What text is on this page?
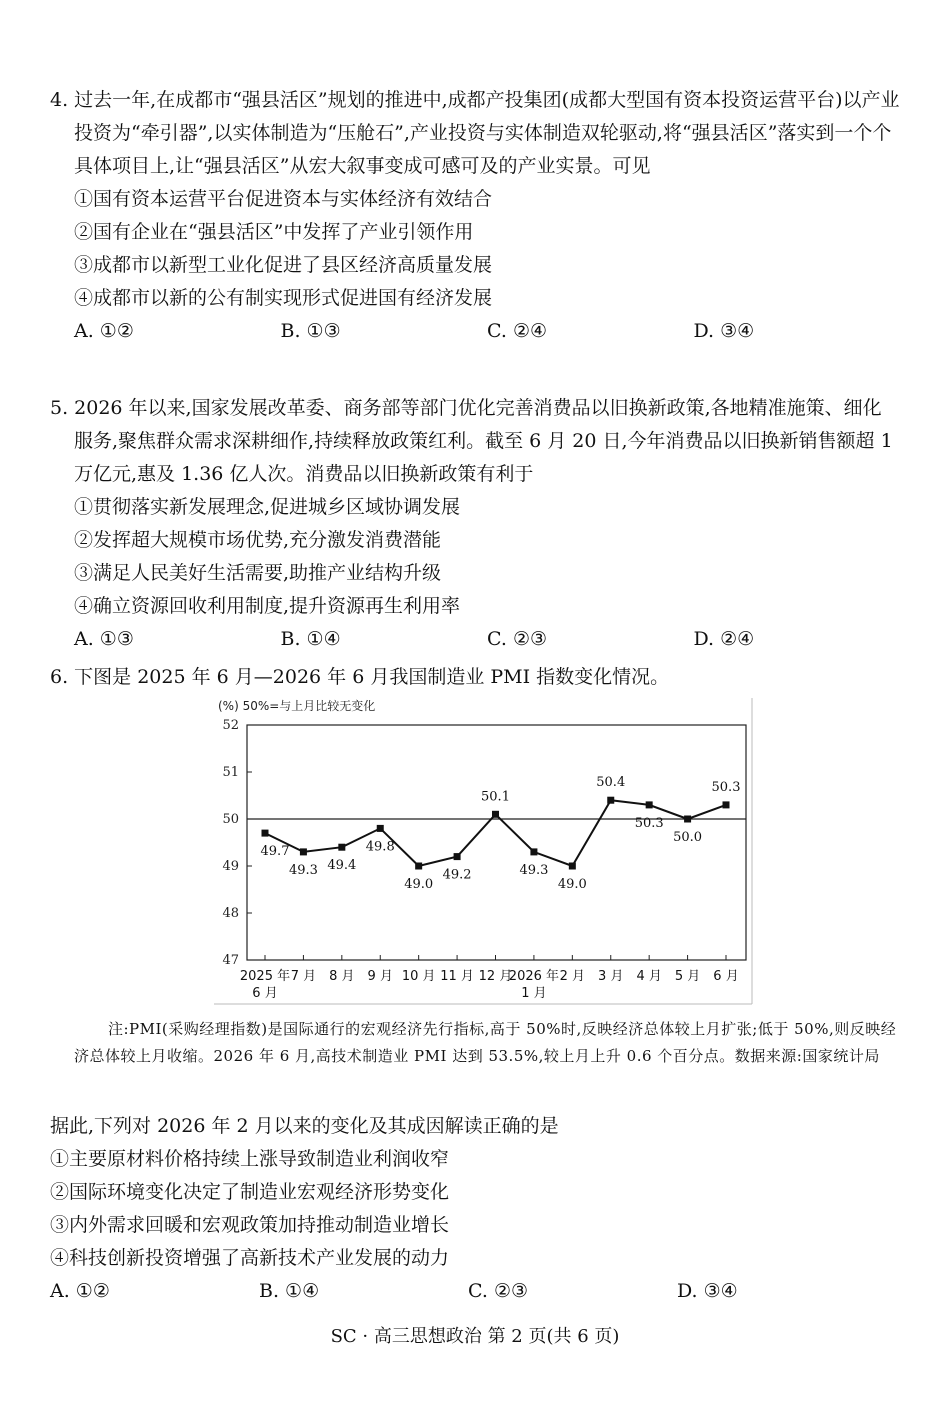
4. 过去一年,在成都市“强县活区”规划的推进中,成都产投集团(成都大型国有资本投资运营平台)以产业投资为“牵引器”,以实体制造为“压舱石”,产业投资与实体制造双轮驱动,将“强县活区”落实到一个个具体项目上,让“强县活区”从宏大叙事变成可感可及的产业实景。可见

①国有资本运营平台促进资本与实体经济有效结合

②国有企业在“强县活区”中发挥了产业引领作用

③成都市以新型工业化促进了县区经济高质量发展

④成都市以新的公有制实现形式促进国有经济发展

A. ①②	B. ①③	C. ②④	D. ③④

5. 2026 年以来,国家发展改革委、商务部等部门优化完善消费品以旧换新政策,各地精准施策、细化服务,聚焦群众需求深耕细作,持续释放政策红利。截至 6 月 20 日,今年消费品以旧换新销售额超 1 万亿元,惠及 1.36 亿人次。消费品以旧换新政策有利于

①贯彻落实新发展理念,促进城乡区域协调发展

②发挥超大规模市场优势,充分激发消费潜能

③满足人民美好生活需要,助推产业结构升级

④确立资源回收利用制度,提升资源再生利用率

A. ①③	B. ①④	C. ②③	D. ②④

6. 下图是 2025 年 6 月—2026 年 6 月我国制造业 PMI 指数变化情况。

(%) 50%=与上月比较无变化
52
51
50
49
48
47
49.7
49.3 49.4
49.8
49.0
49.2
50.1
49.3
49.0
50.4
50.3
50.0
50.3
2025 年
6 月
7 月 8 月 9 月 10 月 11 月 12 月
2026 年
1 月
2 月 3 月 4 月 5 月 6 月

注:PMI(采购经理指数)是国际通行的宏观经济先行指标,高于 50%时,反映经济总体较上月扩张;低于 50%,则反映经济总体较上月收缩。2026 年 6 月,高技术制造业 PMI 达到 53.5%,较上月上升 0.6 个百分点。数据来源:国家统计局

据此,下列对 2026 年 2 月以来的变化及其成因解读正确的是

①主要原材料价格持续上涨导致制造业利润收窄

②国际环境变化决定了制造业宏观经济形势变化

③内外需求回暖和宏观政策加持推动制造业增长

④科技创新投资增强了高新技术产业发展的动力

A. ①②	B. ①④	C. ②③	D. ③④
SC · 高三思想政治 第 2 页(共 6 页)
